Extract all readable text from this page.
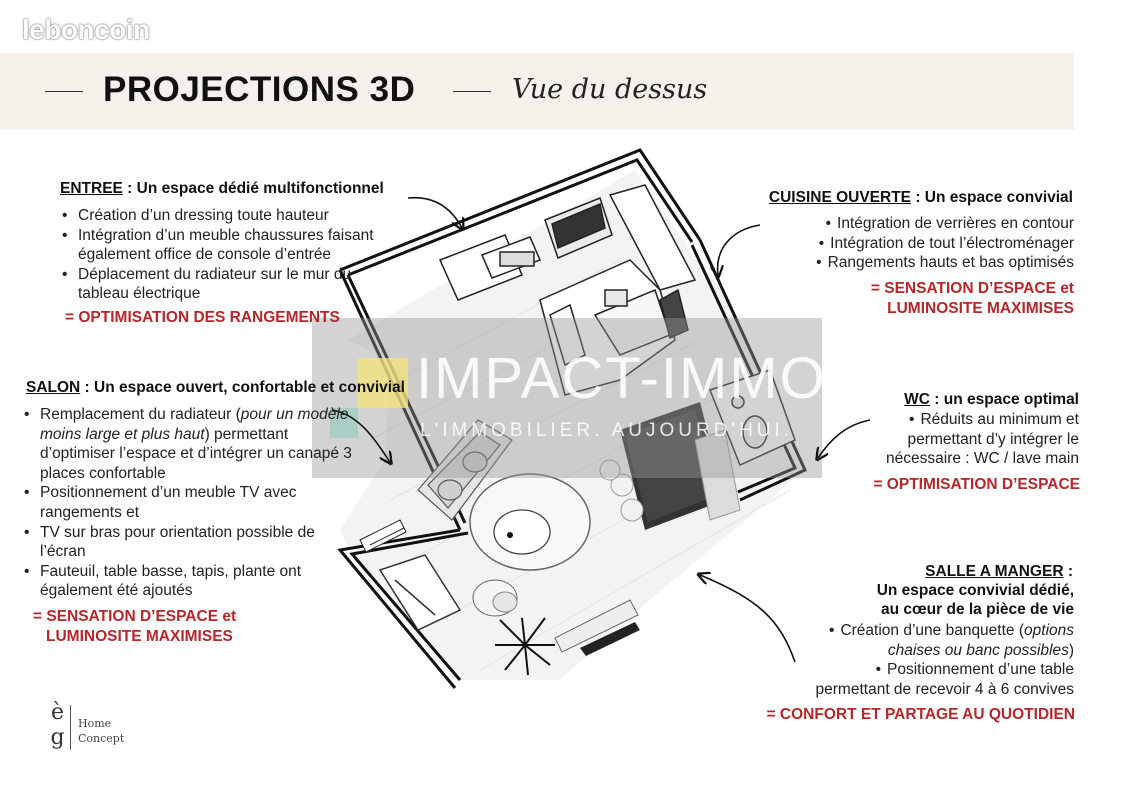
leboncoin
PROJECTIONS 3D	Vue du dessus
IMPACT-IMMO
L'IMMOBILIER. AUJOURD'HUI.
ENTREE : Un espace dédié multifonctionnel
• Création d’un dressing toute hauteur
• Intégration d’un meuble chaussures faisant également office de console d’entrée
• Déplacement du radiateur sur le mur du tableau électrique
= OPTIMISATION DES RANGEMENTS
SALON : Un espace ouvert, confortable et convivial
• Remplacement du radiateur (pour un modèle moins large et plus haut) permettant d’optimiser l’espace et d’intégrer un canapé 3 places confortable
• Positionnement d’un meuble TV avec rangements et
• TV sur bras pour orientation possible de l’écran
• Fauteuil, table basse, tapis, plante ont également été ajoutés
= SENSATION D’ESPACE et
LUMINOSITE MAXIMISES
CUISINE OUVERTE : Un espace convivial
• Intégration de verrières en contour
• Intégration de tout l’électroménager
• Rangements hauts et bas optimisés
= SENSATION D’ESPACE et
LUMINOSITE MAXIMISES
WC : un espace optimal
• Réduits au minimum et
permettant d’y intégrer le
nécessaire : WC / lave main
= OPTIMISATION D’ESPACE
SALLE A MANGER :
Un espace convivial dédié,
au cœur de la pièce de vie
• Création d’une banquette (options
chaises ou banc possibles)
• Positionnement d’une table
permettant de recevoir 4 à 6 convives
= CONFORT ET PARTAGE AU QUOTIDIEN
èg Home
Concept
